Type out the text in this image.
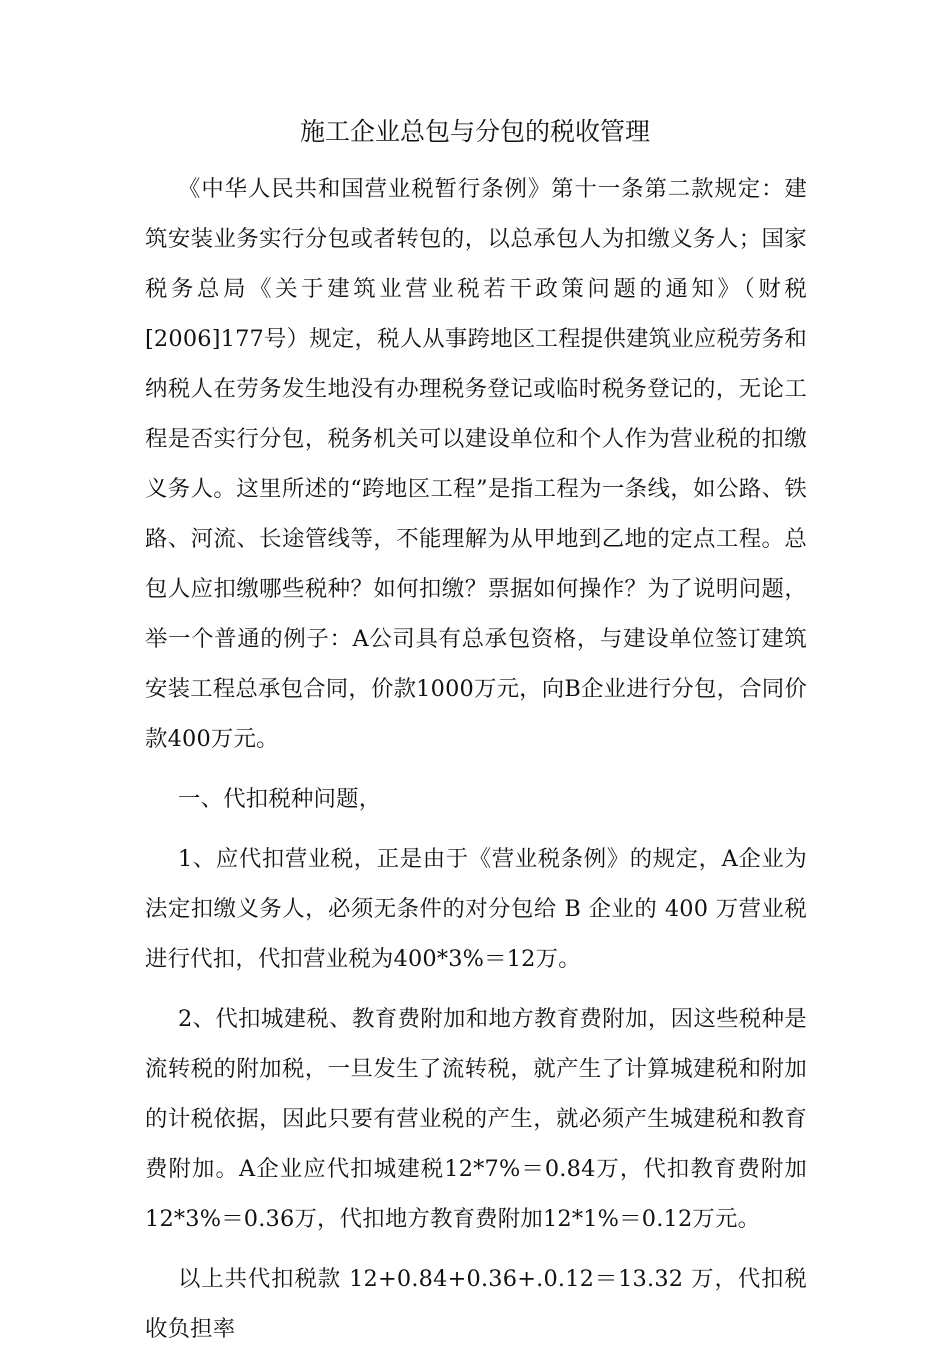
施工企业总包与分包的税收管理

《中华人民共和国营业税暂行条例》第十一条第二款规定：建筑安装业务实行分包或者转包的，以总承包人为扣缴义务人；国家税务总局《关于建筑业营业税若干政策问题的通知》（财税[2006]177号）规定，税人从事跨地区工程提供建筑业应税劳务和纳税人在劳务发生地没有办理税务登记或临时税务登记的，无论工程是否实行分包，税务机关可以建设单位和个人作为营业税的扣缴义务人。这里所述的“跨地区工程”是指工程为一条线，如公路、铁路、河流、长途管线等，不能理解为从甲地到乙地的定点工程。总包人应扣缴哪些税种？如何扣缴？票据如何操作？为了说明问题，举一个普通的例子：A公司具有总承包资格，与建设单位签订建筑安装工程总承包合同，价款1000万元，向B企业进行分包，合同价款400万元。

一、代扣税种问题，

1、应代扣营业税，正是由于《营业税条例》的规定，A企业为法定扣缴义务人，必须无条件的对分包给 B 企业的 400 万营业税进行代扣，代扣营业税为400*3%＝12万。

2、代扣城建税、教育费附加和地方教育费附加，因这些税种是流转税的附加税，一旦发生了流转税，就产生了计算城建税和附加的计税依据，因此只要有营业税的产生，就必须产生城建税和教育费附加。A企业应代扣城建税12*7%＝0.84万，代扣教育费附加12*3%＝0.36万，代扣地方教育费附加12*1%＝0.12万元。

以上共代扣税款 12+0.84+0.36+.0.12＝13.32 万，代扣税收负担率
